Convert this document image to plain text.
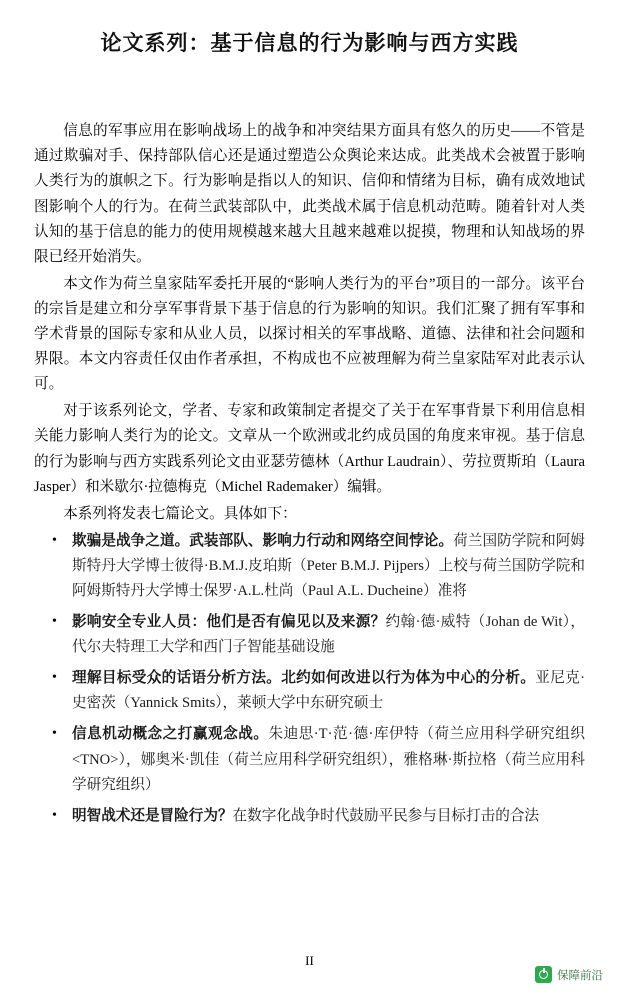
论文系列：基于信息的行为影响与西方实践

信息的军事应用在影响战场上的战争和冲突结果方面具有悠久的历史——不管是通过欺骗对手、保持部队信心还是通过塑造公众舆论来达成。此类战术会被置于影响人类行为的旗帜之下。行为影响是指以人的知识、信仰和情绪为目标，确有成效地试图影响个人的行为。在荷兰武装部队中，此类战术属于信息机动范畴。随着针对人类认知的基于信息的能力的使用规模越来越大且越来越难以捉摸，物理和认知战场的界限已经开始消失。

本文作为荷兰皇家陆军委托开展的“影响人类行为的平台”项目的一部分。该平台的宗旨是建立和分享军事背景下基于信息的行为影响的知识。我们汇聚了拥有军事和学术背景的国际专家和从业人员，以探讨相关的军事战略、道德、法律和社会问题和界限。本文内容责任仅由作者承担，不构成也不应被理解为荷兰皇家陆军对此表示认可。

对于该系列论文，学者、专家和政策制定者提交了关于在军事背景下利用信息相关能力影响人类行为的论文。文章从一个欧洲或北约成员国的角度来审视。基于信息的行为影响与西方实践系列论文由亚瑟劳德林（Arthur Laudrain）、劳拉贾斯珀（Laura Jasper）和米歇尔·拉德梅克（Michel Rademaker）编辑。

本系列将发表七篇论文。具体如下：

• 欺骗是战争之道。武装部队、影响力行动和网络空间悖论。荷兰国防学院和阿姆斯特丹大学博士彼得·B.M.J.皮珀斯（Peter B.M.J. Pijpers）上校与荷兰国防学院和阿姆斯特丹大学博士保罗·A.L.杜尚（Paul A.L. Ducheine）准将
• 影响安全专业人员：他们是否有偏见以及来源？约翰·德·威特（Johan de Wit），代尔夫特理工大学和西门子智能基础设施
• 理解目标受众的话语分析方法。北约如何改进以行为体为中心的分析。亚尼克·史密茨（Yannick Smits），莱顿大学中东研究硕士
• 信息机动概念之打赢观念战。朱迪思·T·范·德·库伊特（荷兰应用科学研究组织<TNO>），娜奥米·凯佳（荷兰应用科学研究组织），雅格琳·斯拉格（荷兰应用科学研究组织）
• 明智战术还是冒险行为？在数字化战争时代鼓励平民参与目标打击的合法
II
保障前沿
